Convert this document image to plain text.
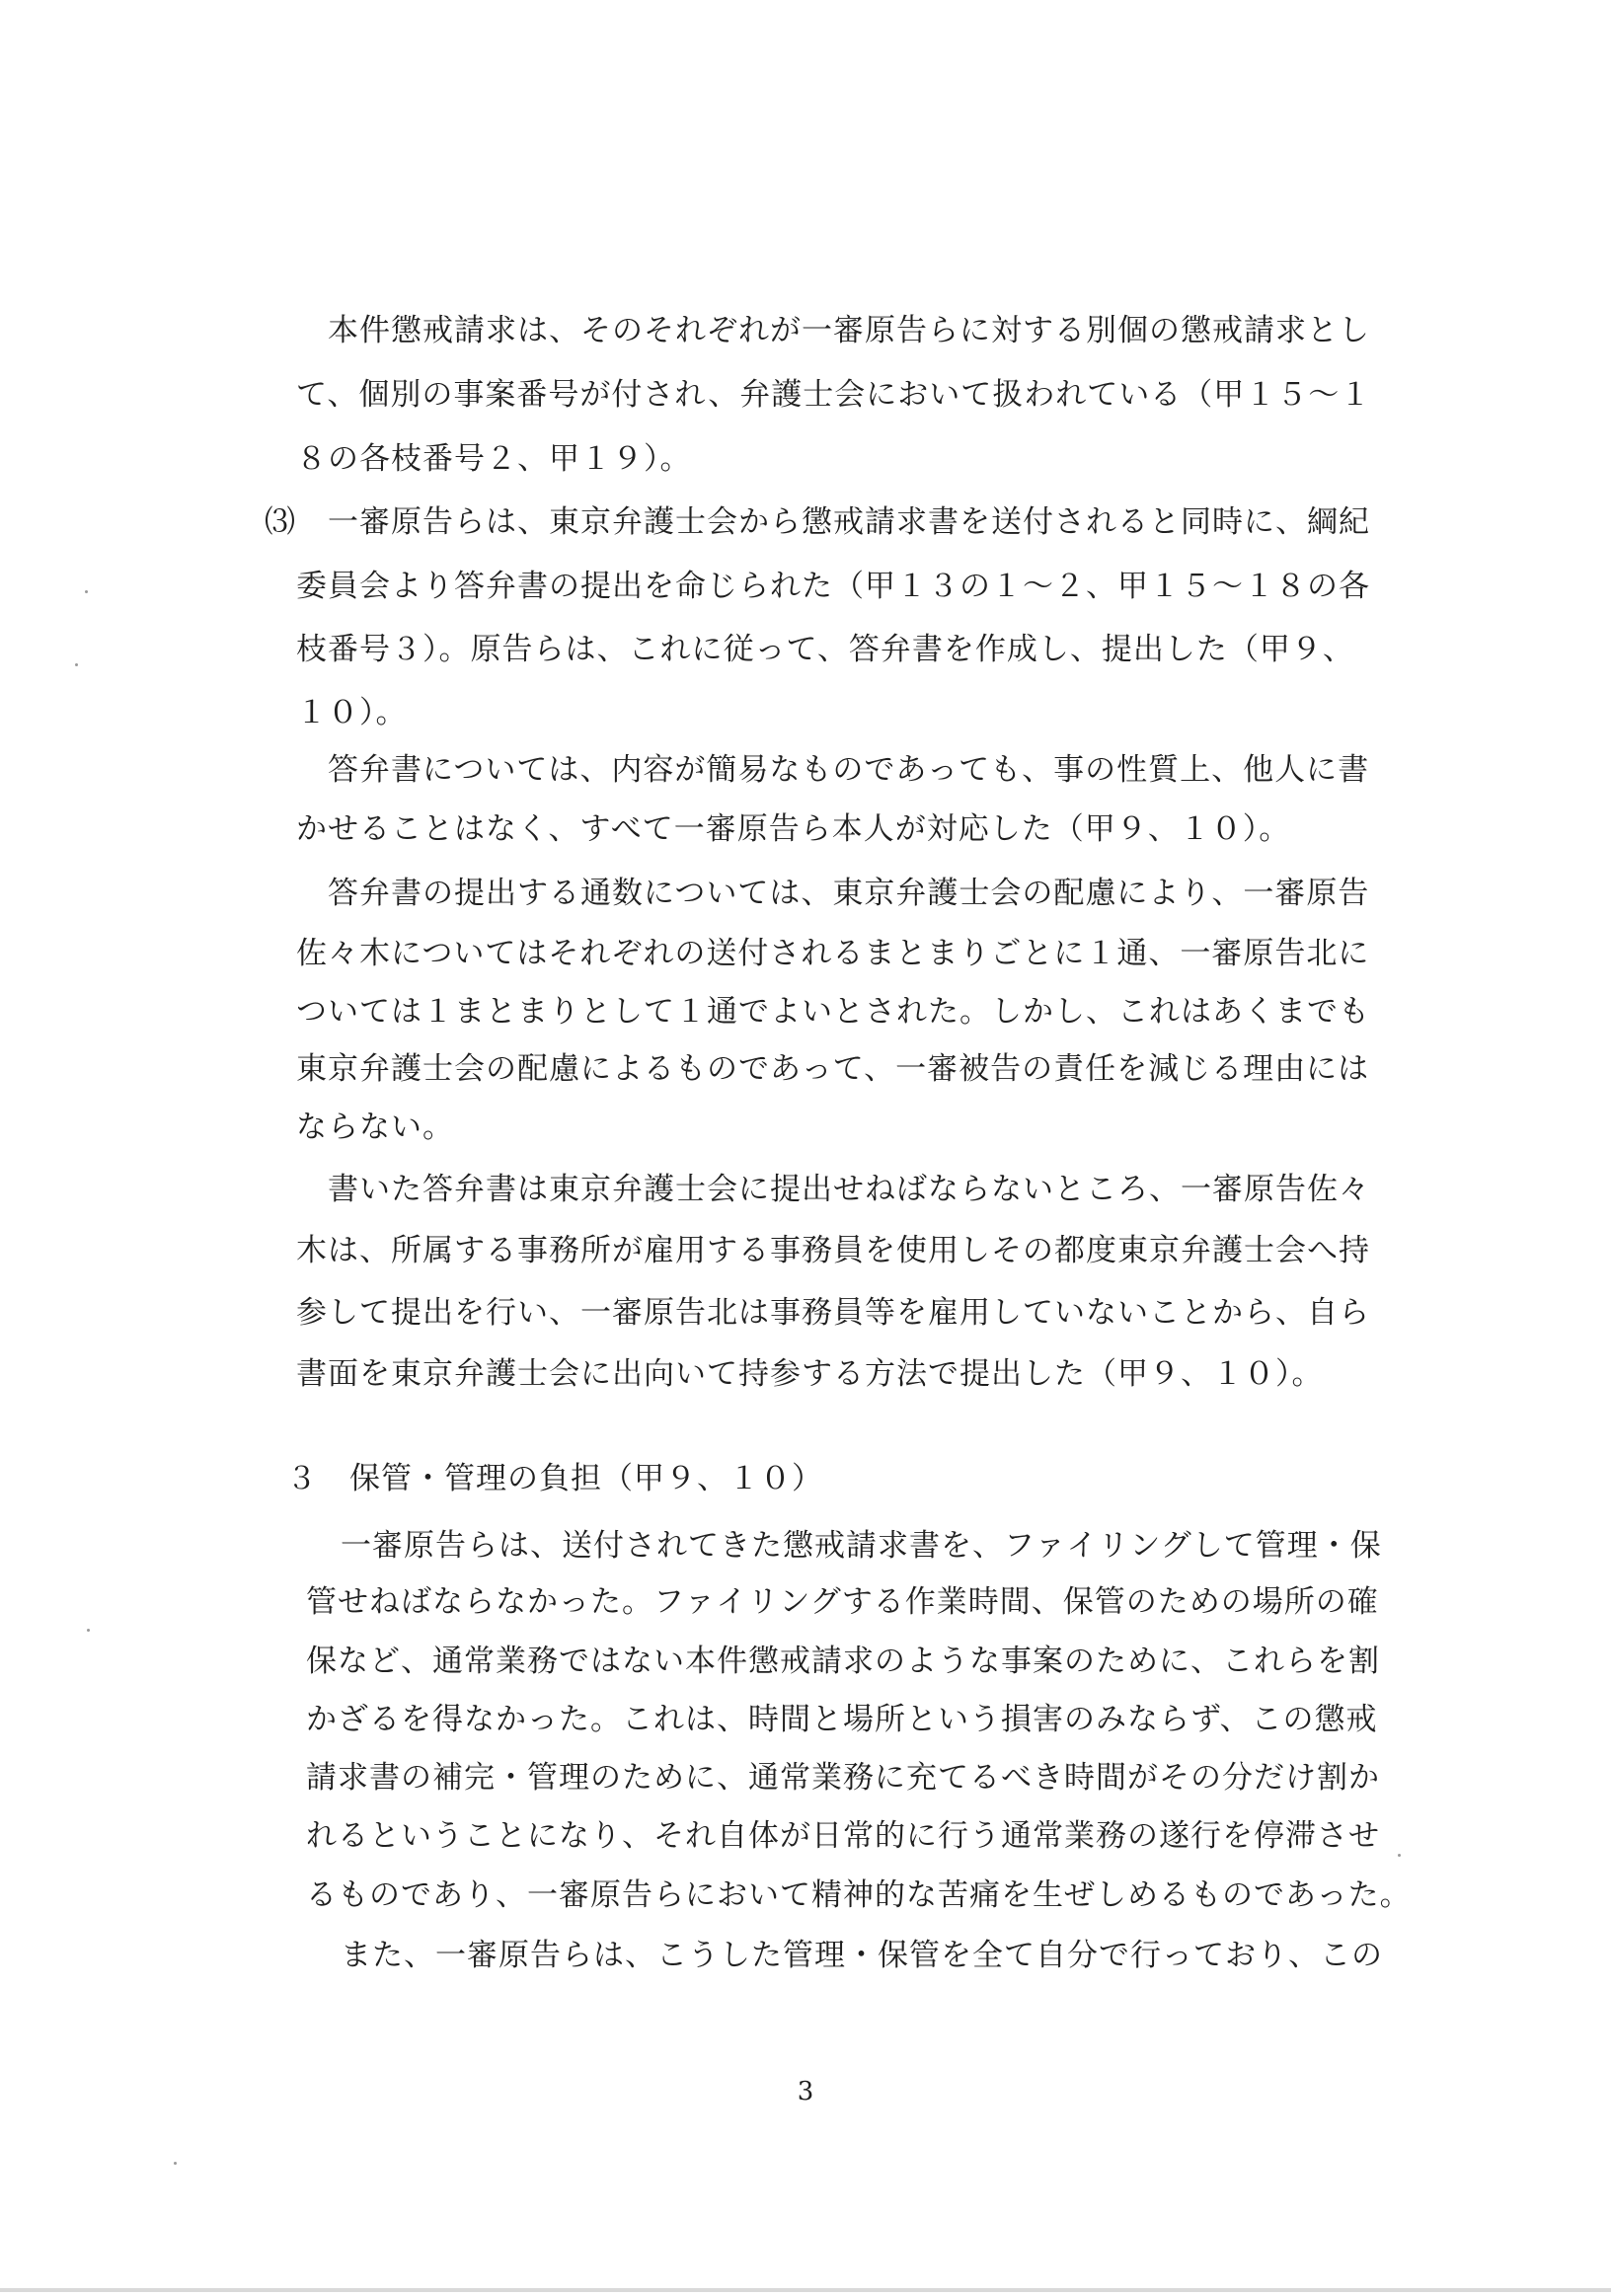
本件懲戒請求は、そのそれぞれが一審原告らに対する別個の懲戒請求とし
て、個別の事案番号が付され、弁護士会において扱われている（甲１５～１
８の各枝番号２、甲１９）。
⑶　一審原告らは、東京弁護士会から懲戒請求書を送付されると同時に、綱紀
委員会より答弁書の提出を命じられた（甲１３の１～２、甲１５～１８の各
枝番号３）。原告らは、これに従って、答弁書を作成し、提出した（甲９、
１０）。
答弁書については、内容が簡易なものであっても、事の性質上、他人に書
かせることはなく、すべて一審原告ら本人が対応した（甲９、１０）。
答弁書の提出する通数については、東京弁護士会の配慮により、一審原告
佐々木についてはそれぞれの送付されるまとまりごとに１通、一審原告北に
ついては１まとまりとして１通でよいとされた。しかし、これはあくまでも
東京弁護士会の配慮によるものであって、一審被告の責任を減じる理由には
ならない。
書いた答弁書は東京弁護士会に提出せねばならないところ、一審原告佐々
木は、所属する事務所が雇用する事務員を使用しその都度東京弁護士会へ持
参して提出を行い、一審原告北は事務員等を雇用していないことから、自ら
書面を東京弁護士会に出向いて持参する方法で提出した（甲９、１０）。
３　保管・管理の負担（甲９、１０）
一審原告らは、送付されてきた懲戒請求書を、ファイリングして管理・保
管せねばならなかった。ファイリングする作業時間、保管のための場所の確
保など、通常業務ではない本件懲戒請求のような事案のために、これらを割
かざるを得なかった。これは、時間と場所という損害のみならず、この懲戒
請求書の補完・管理のために、通常業務に充てるべき時間がその分だけ割か
れるということになり、それ自体が日常的に行う通常業務の遂行を停滞させ
るものであり、一審原告らにおいて精神的な苦痛を生ぜしめるものであった。
また、一審原告らは、こうした管理・保管を全て自分で行っており、この
3
